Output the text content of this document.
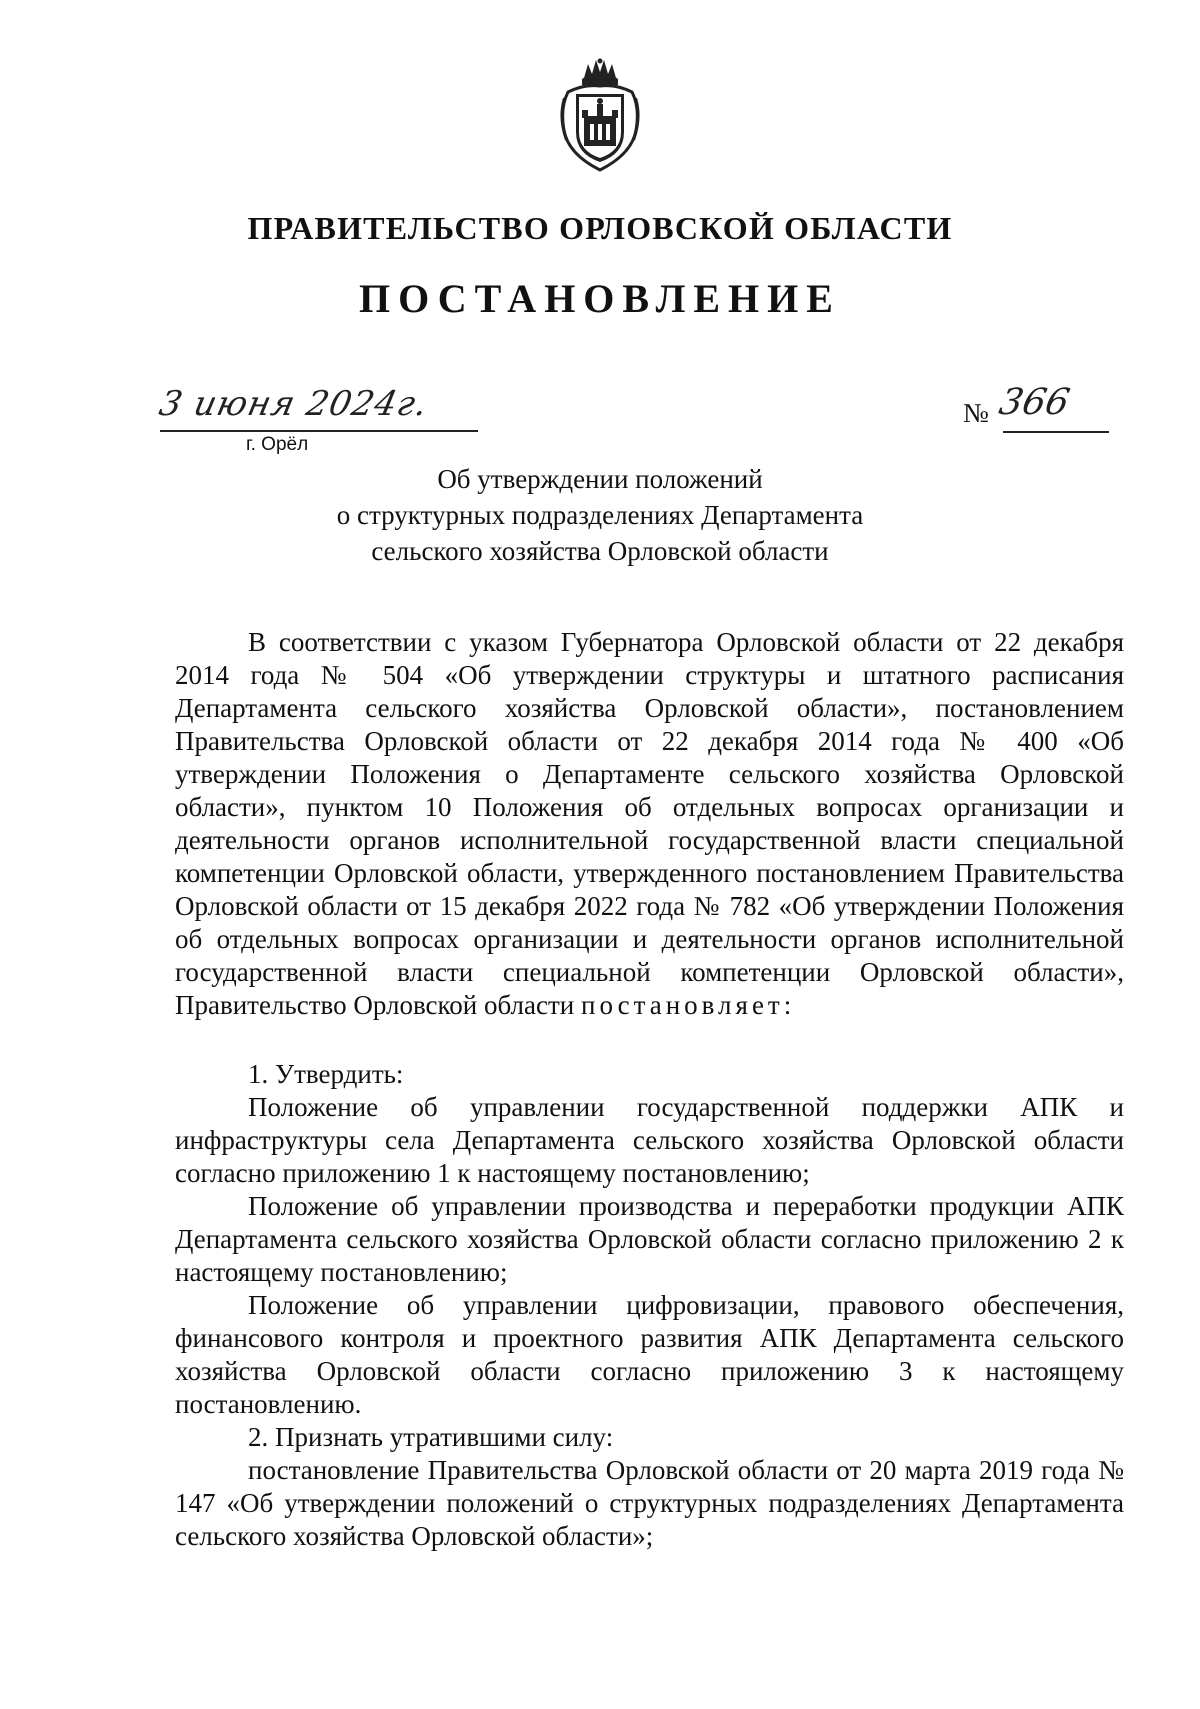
ПРАВИТЕЛЬСТВО ОРЛОВСКОЙ ОБЛАСТИ
ПОСТАНОВЛЕНИЕ
3 июня 2024г.
г. Орёл
№ 366
Об утверждении положений
о структурных подразделениях Департамента
сельского хозяйства Орловской области

В соответствии с указом Губернатора Орловской области от 22 декабря 2014 года № 504 «Об утверждении структуры и штатного расписания Департамента сельского хозяйства Орловской области», постановлением Правительства Орловской области от 22 декабря 2014 года № 400 «Об утверждении Положения о Департаменте сельского хозяйства Орловской области», пунктом 10 Положения об отдельных вопросах организации и деятельности органов исполнительной государственной власти специальной компетенции Орловской области, утвержденного постановлением Правительства Орловской области от 15 декабря 2022 года № 782 «Об утверждении Положения об отдельных вопросах организации и деятельности органов исполнительной государственной власти специальной компетенции Орловской области», Правительство Орловской области постановляет:

1. Утвердить:

Положение об управлении государственной поддержки АПК и инфраструктуры села Департамента сельского хозяйства Орловской области согласно приложению 1 к настоящему постановлению;

Положение об управлении производства и переработки продукции АПК Департамента сельского хозяйства Орловской области согласно приложению 2 к настоящему постановлению;

Положение об управлении цифровизации, правового обеспечения, финансового контроля и проектного развития АПК Департамента сельского хозяйства Орловской области согласно приложению 3 к настоящему постановлению.

2. Признать утратившими силу:

постановление Правительства Орловской области от 20 марта 2019 года № 147 «Об утверждении положений о структурных подразделениях Департамента сельского хозяйства Орловской области»;
